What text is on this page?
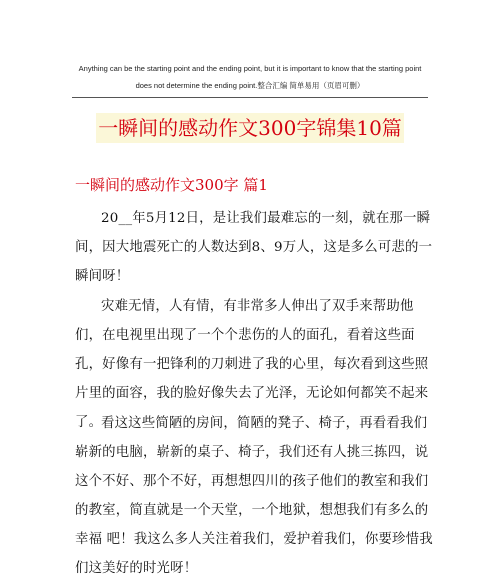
Anything can be the starting point and the ending point, but it is important to know that the starting point does not determine the ending point.整合汇编 简单易用（页眉可删）
一瞬间的感动作文300字锦集10篇
一瞬间的感动作文300字 篇1

20__年5月12日，是让我们最难忘的一刻，就在那一瞬间，因大地震死亡的人数达到8、9万人，这是多么可悲的一瞬间呀！

灾难无情，人有情，有非常多人伸出了双手来帮助他们，在电视里出现了一个个悲伤的人的面孔，看着这些面孔，好像有一把锋利的刀刺进了我的心里，每次看到这些照片里的面容，我的脸好像失去了光泽，无论如何都笑不起来了。

看这这些简陋的房间，简陋的凳子、椅子，再看看我们崭新的电脑，崭新的桌子、椅子，我们还有人挑三拣四，说这个不好、那个不好，再想想四川的孩子他们的教室和我们的教室，简直就是一个天堂，一个地狱，想想我们有多么的幸福 吧！我这么多人关注着我们，爱护着我们，你要珍惜我们这美好的时光呀！
